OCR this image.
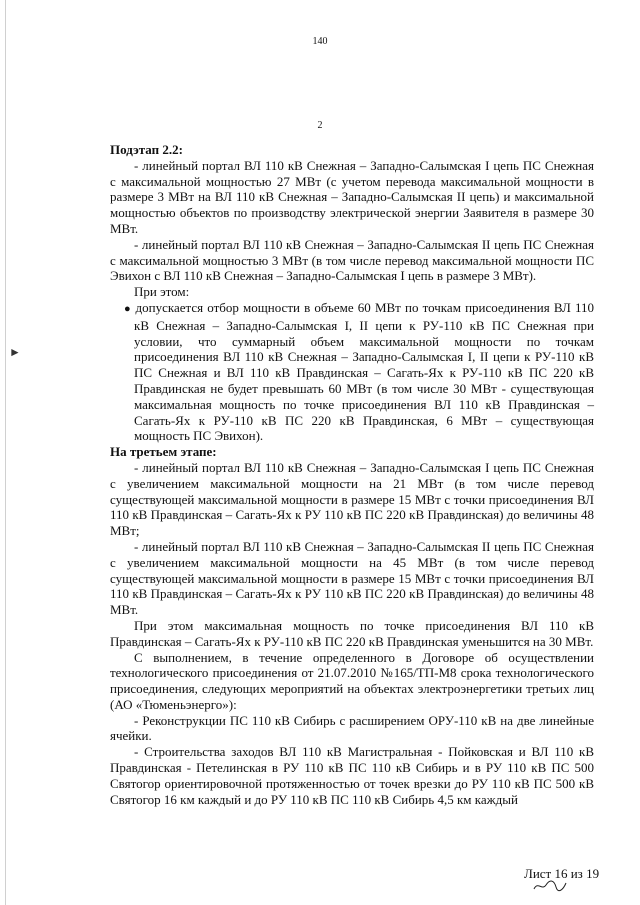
►
140
2

Подэтап 2.2:

- линейный портал ВЛ 110 кВ Снежная – Западно-Салымская I цепь ПС Снежная с максимальной мощностью 27 МВт (с учетом перевода максимальной мощности в размере 3 МВт на ВЛ 110 кВ Снежная – Западно-Салымская II цепь) и максимальной мощностью объектов по производству электрической энергии Заявителя в размере 30 МВт.

- линейный портал ВЛ 110 кВ Снежная – Западно-Салымская II цепь ПС Снежная с максимальной мощностью 3 МВт (в том числе перевод максимальной мощности ПС Эвихон с ВЛ 110 кВ Снежная – Западно-Салымская I цепь в размере 3 МВт).

При этом:

● допускается отбор мощности в объеме 60 МВт по точкам присоединения ВЛ 110 кВ Снежная – Западно-Салымская I, II цепи к РУ-110 кВ ПС Снежная при условии, что суммарный объем максимальной мощности по точкам присоединения ВЛ 110 кВ Снежная – Западно-Салымская I, II цепи к РУ-110 кВ ПС Снежная и ВЛ 110 кВ Правдинская – Сагать-Ях к РУ-110 кВ ПС 220 кВ Правдинская не будет превышать 60 МВт (в том числе 30 МВт - существующая максимальная мощность по точке присоединения ВЛ 110 кВ Правдинская – Сагать-Ях к РУ-110 кВ ПС 220 кВ Правдинская, 6 МВт – существующая мощность ПС Эвихон).

На третьем этапе:

- линейный портал ВЛ 110 кВ Снежная – Западно-Салымская I цепь ПС Снежная с увеличением максимальной мощности на 21 МВт (в том числе перевод существующей максимальной мощности в размере 15 МВт с точки присоединения ВЛ 110 кВ Правдинская – Сагать-Ях к РУ 110 кВ ПС 220 кВ Правдинская) до величины 48 МВт;

- линейный портал ВЛ 110 кВ Снежная – Западно-Салымская II цепь ПС Снежная с увеличением максимальной мощности на 45 МВт (в том числе перевод существующей максимальной мощности в размере 15 МВт с точки присоединения ВЛ 110 кВ Правдинская – Сагать-Ях к РУ 110 кВ ПС 220 кВ Правдинская) до величины 48 МВт.

При этом максимальная мощность по точке присоединения ВЛ 110 кВ Правдинская – Сагать-Ях к РУ-110 кВ ПС 220 кВ Правдинская уменьшится на 30 МВт.

С выполнением, в течение определенного в Договоре об осуществлении технологического присоединения от 21.07.2010 №165/ТП-М8 срока технологического присоединения, следующих мероприятий на объектах электроэнергетики третьих лиц (АО «Тюменьэнерго»):

- Реконструкции ПС 110 кВ Сибирь с расширением ОРУ-110 кВ на две линейные ячейки.

- Строительства заходов ВЛ 110 кВ Магистральная - Пойковская и ВЛ 110 кВ Правдинская - Петелинская в РУ 110 кВ ПС 110 кВ Сибирь и в РУ 110 кВ ПС 500 Святогор ориентировочной протяженностью от точек врезки до РУ 110 кВ ПС 500 кВ Святогор 16 км каждый и до РУ 110 кВ ПС 110 кВ Сибирь 4,5 км каждый

Лист 16 из 19
